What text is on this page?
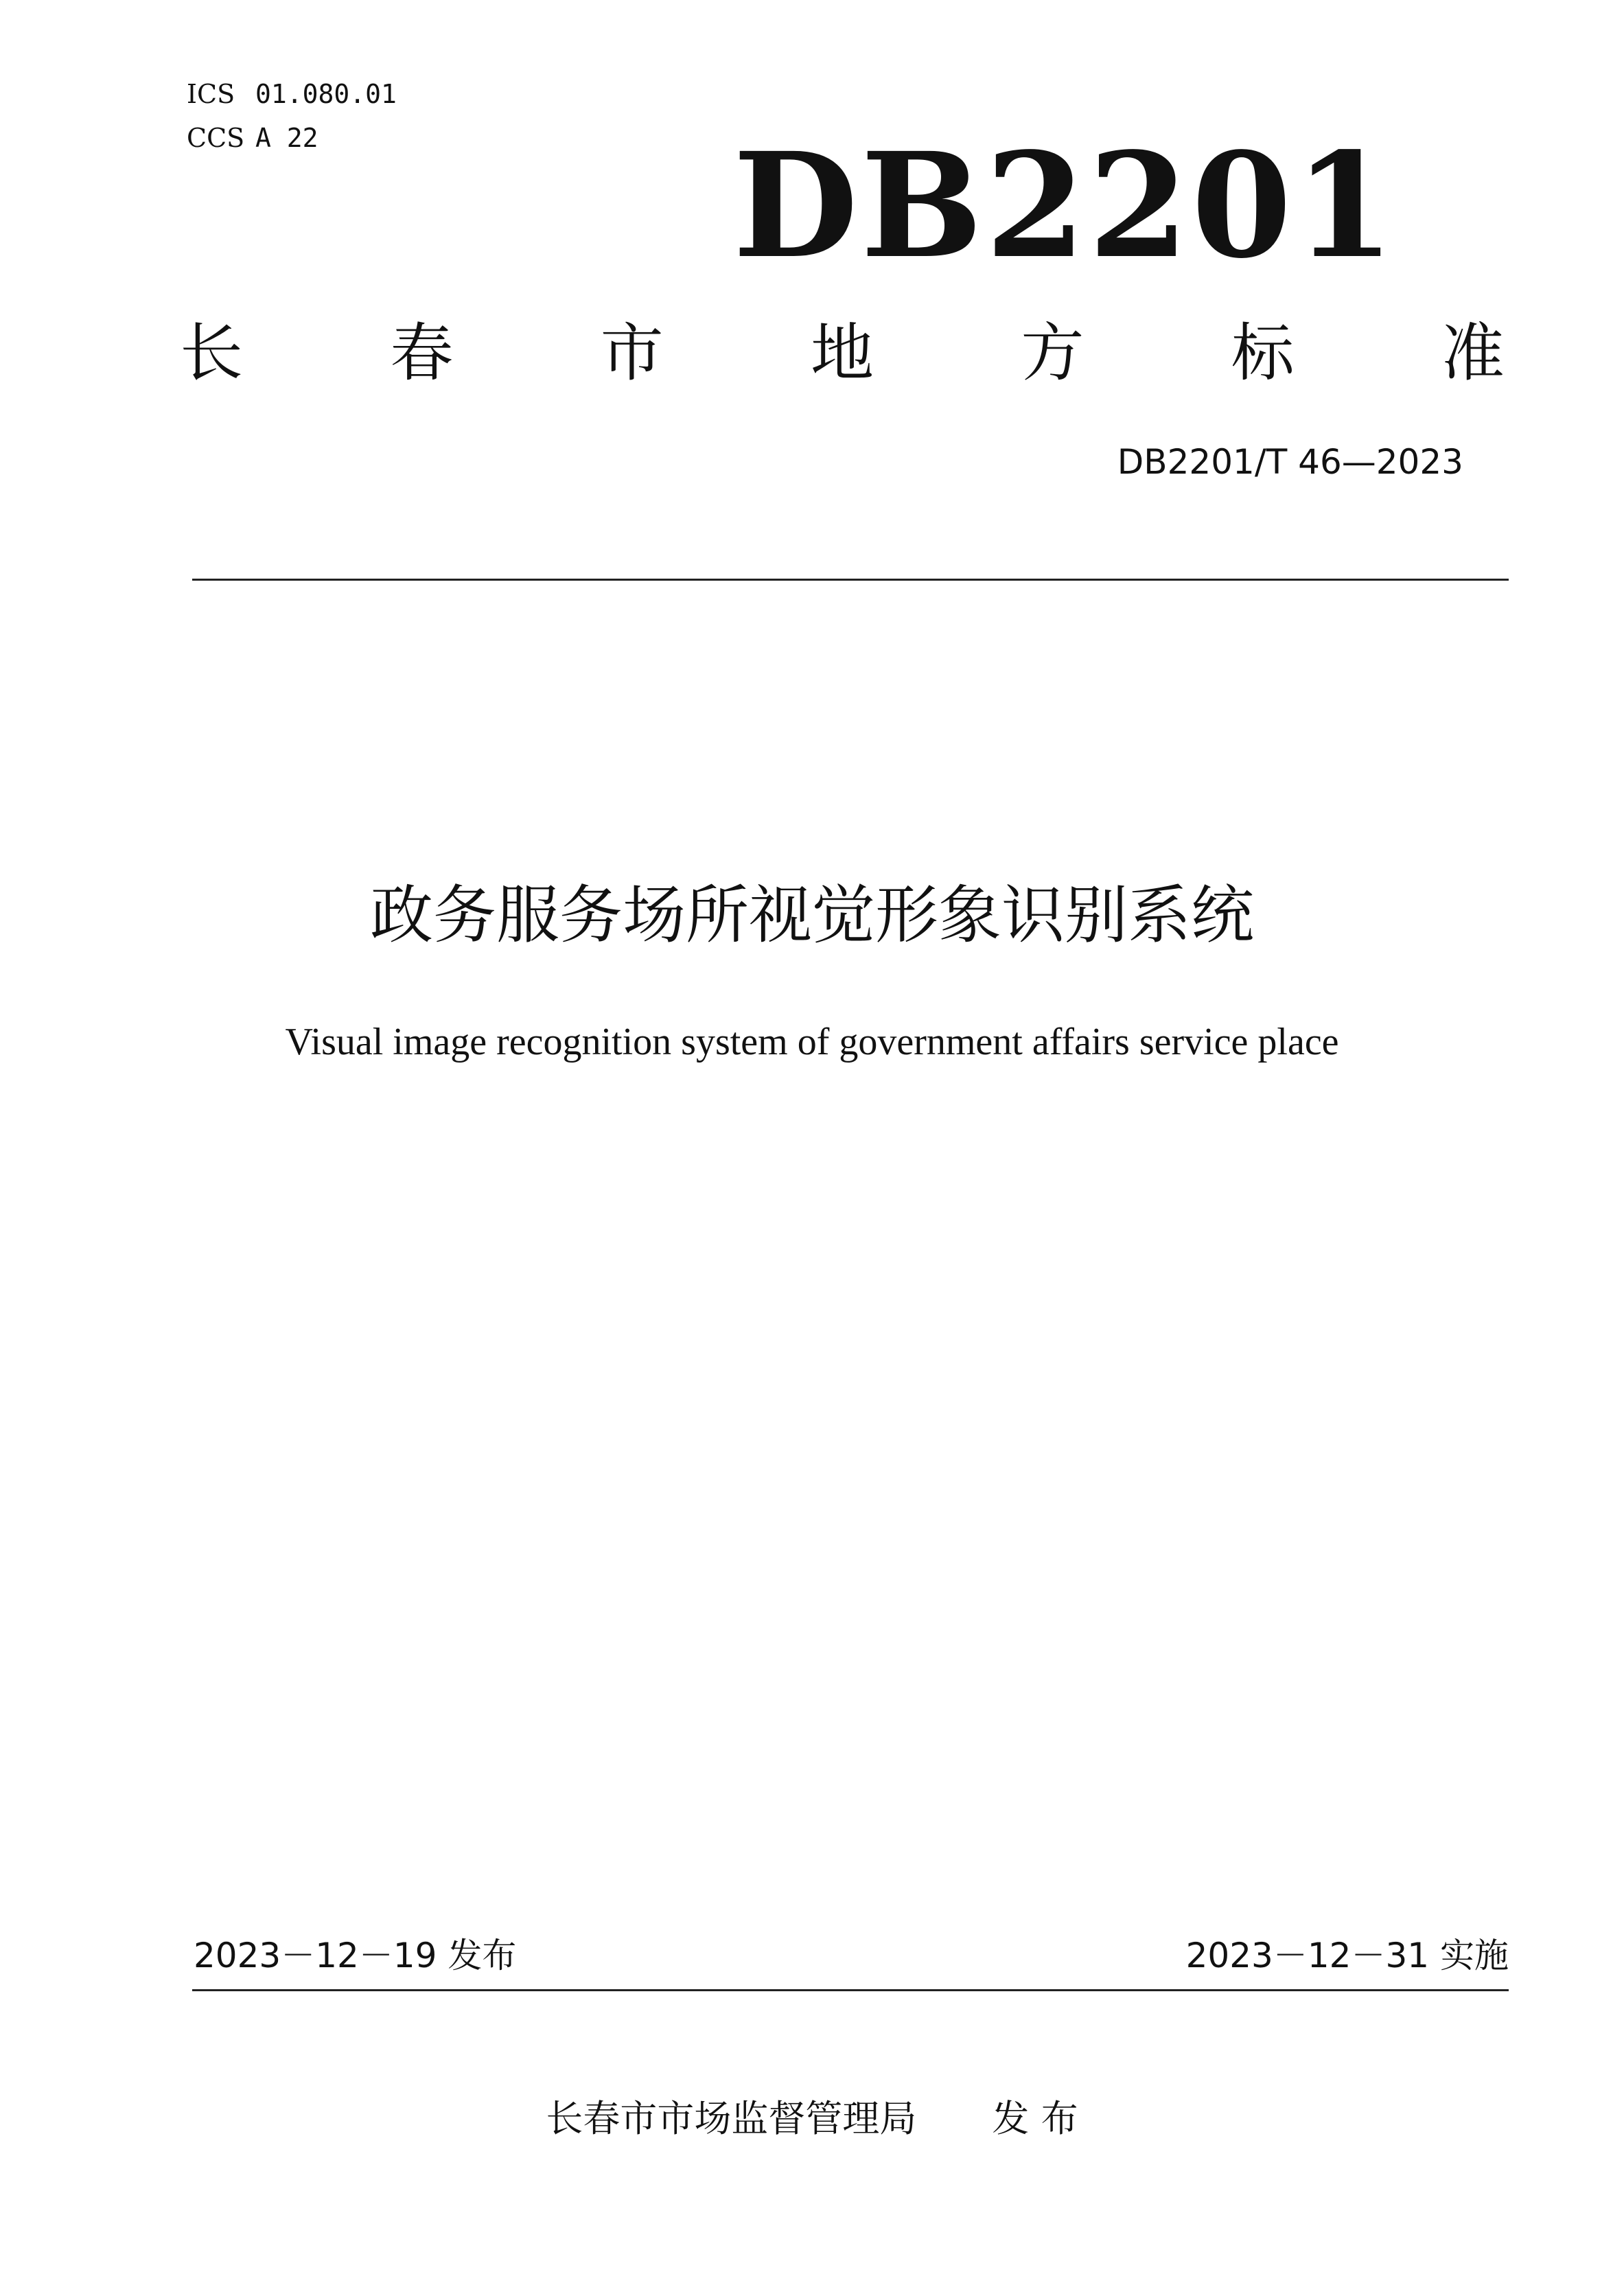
ICS 01.080.01
CCS A 22	DB2201
长 春 市 地 方 标 准
DB2201/T 46—2023
政务服务场所视觉形象识别系统
Visual image recognition system of government affairs service place
2023－12－19 发布	2023－12－31 实施
长春市市场监督管理局 发 布
